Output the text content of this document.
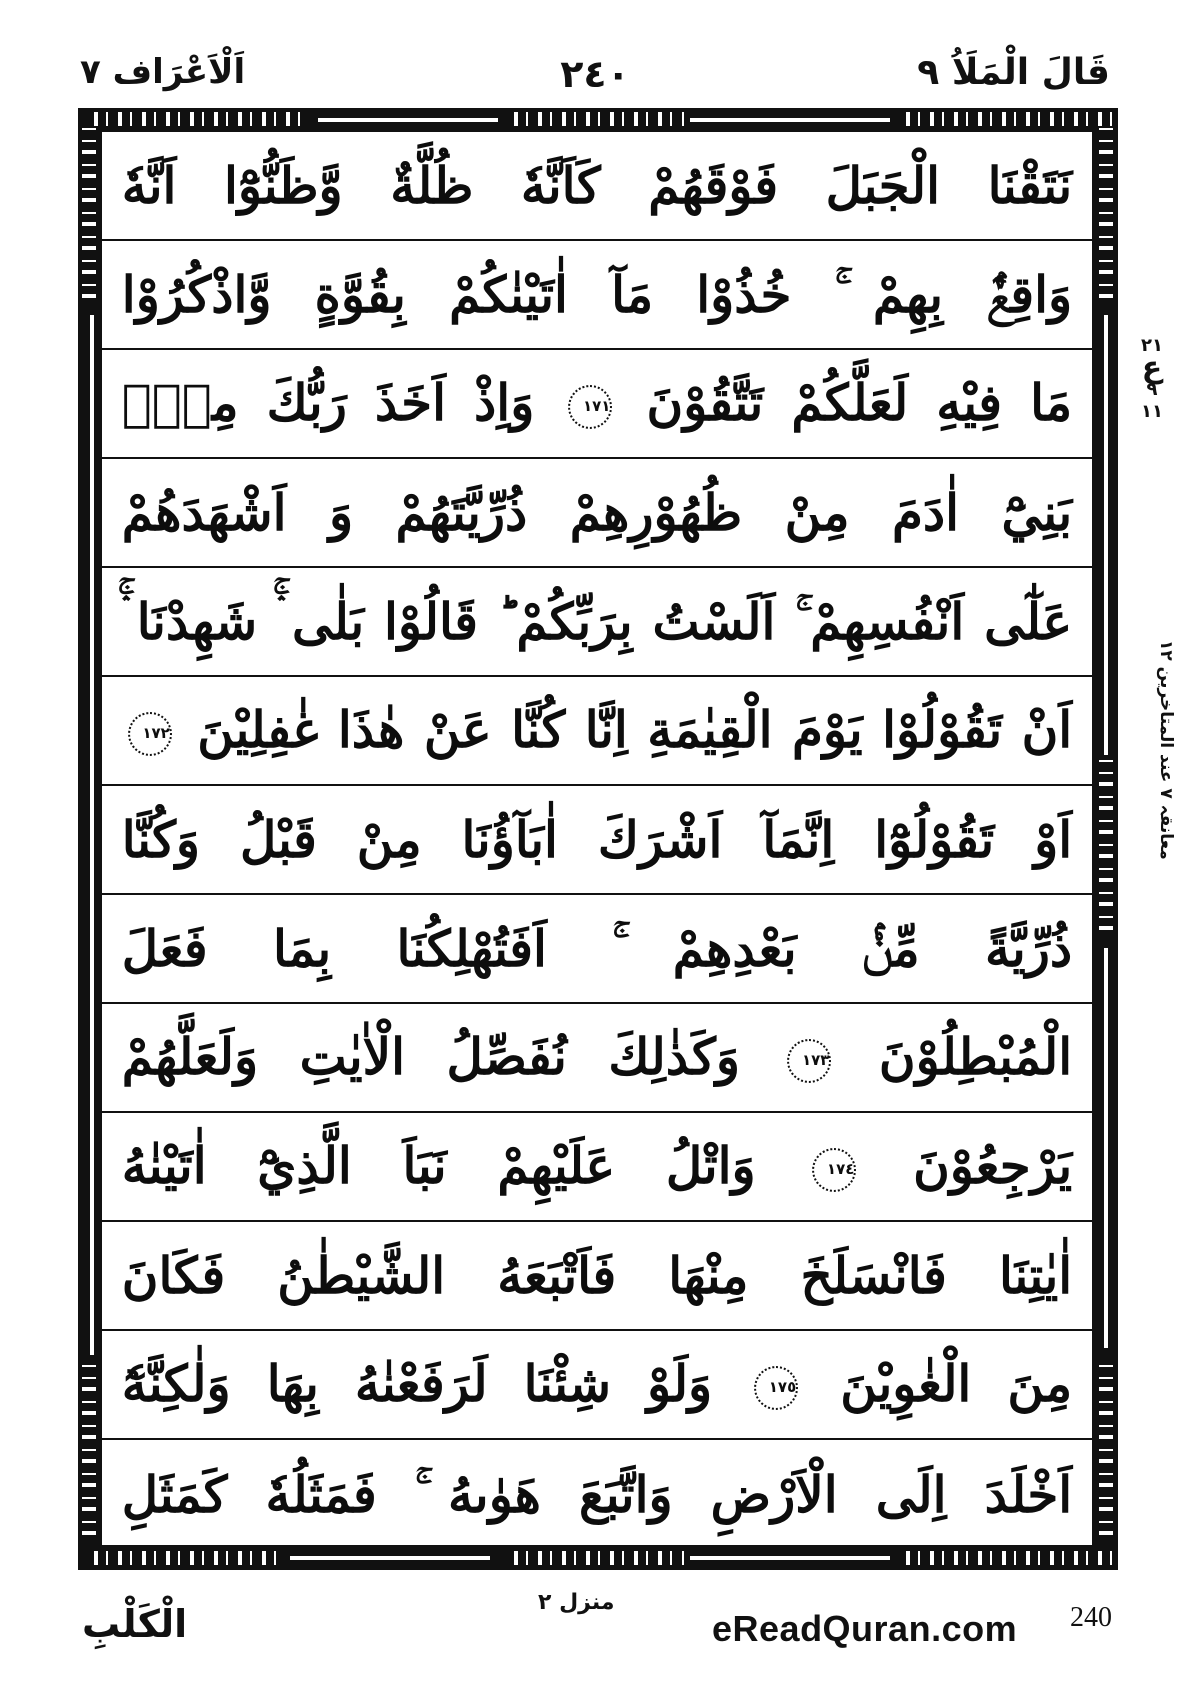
اَلْاَعْرَاف ٧	٢٤٠	قَالَ الْمَلَاُ ٩
نَتَقْنَا الْجَبَلَ فَوْقَهُمْ كَاَنَّهٗ ظُلَّةٌ وَّظَنُّوْٓا اَنَّهٗ
وَاقِعٌۢ بِهِمْ ۚ خُذُوْا مَآ اٰتَيْنٰكُمْ بِقُوَّةٍ وَّاذْكُرُوْا
مَا فِيْهِ لَعَلَّكُمْ تَتَّقُوْنَ ١٧١ وَاِذْ اَخَذَ رَبُّكَ مِنْۢ
بَنِيْٓ اٰدَمَ مِنْ ظُهُوْرِهِمْ ذُرِّيَّتَهُمْ وَ اَشْهَدَهُمْ
عَلٰٓى اَنْفُسِهِمْ ۚ اَلَسْتُ بِرَبِّكُمْ ؕ قَالُوْا بَلٰى ۛۚ شَهِدْنَا ۛۚ
اَنْ تَقُوْلُوْا يَوْمَ الْقِيٰمَةِ اِنَّا كُنَّا عَنْ هٰذَا غٰفِلِيْنَ ١٧٢
اَوْ تَقُوْلُوْٓا اِنَّمَآ اَشْرَكَ اٰبَآؤُنَا مِنْ قَبْلُ وَكُنَّا
ذُرِّيَّةً مِّنْۢ بَعْدِهِمْ ۚ اَفَتُهْلِكُنَا بِمَا فَعَلَ
الْمُبْطِلُوْنَ ١٧٣ وَكَذٰلِكَ نُفَصِّلُ الْاٰيٰتِ وَلَعَلَّهُمْ
يَرْجِعُوْنَ ١٧٤ وَاتْلُ عَلَيْهِمْ نَبَاَ الَّذِيْٓ اٰتَيْنٰهُ
اٰيٰتِنَا فَانْسَلَخَ مِنْهَا فَاَتْبَعَهُ الشَّيْطٰنُ فَكَانَ
مِنَ الْغٰوِيْنَ ١٧٥ وَلَوْ شِئْنَا لَرَفَعْنٰهُ بِهَا وَلٰكِنَّهٗٓ
اَخْلَدَ اِلَى الْاَرْضِ وَاتَّبَعَ هَوٰىهُ ۚ فَمَثَلُهٗ كَمَثَلِ
٢١
ع
٩
١١
معانقہ ۷ عند المتاخرین ۱۲
الْكَلْبِ	منزل ٢
eReadQuran.com 240
